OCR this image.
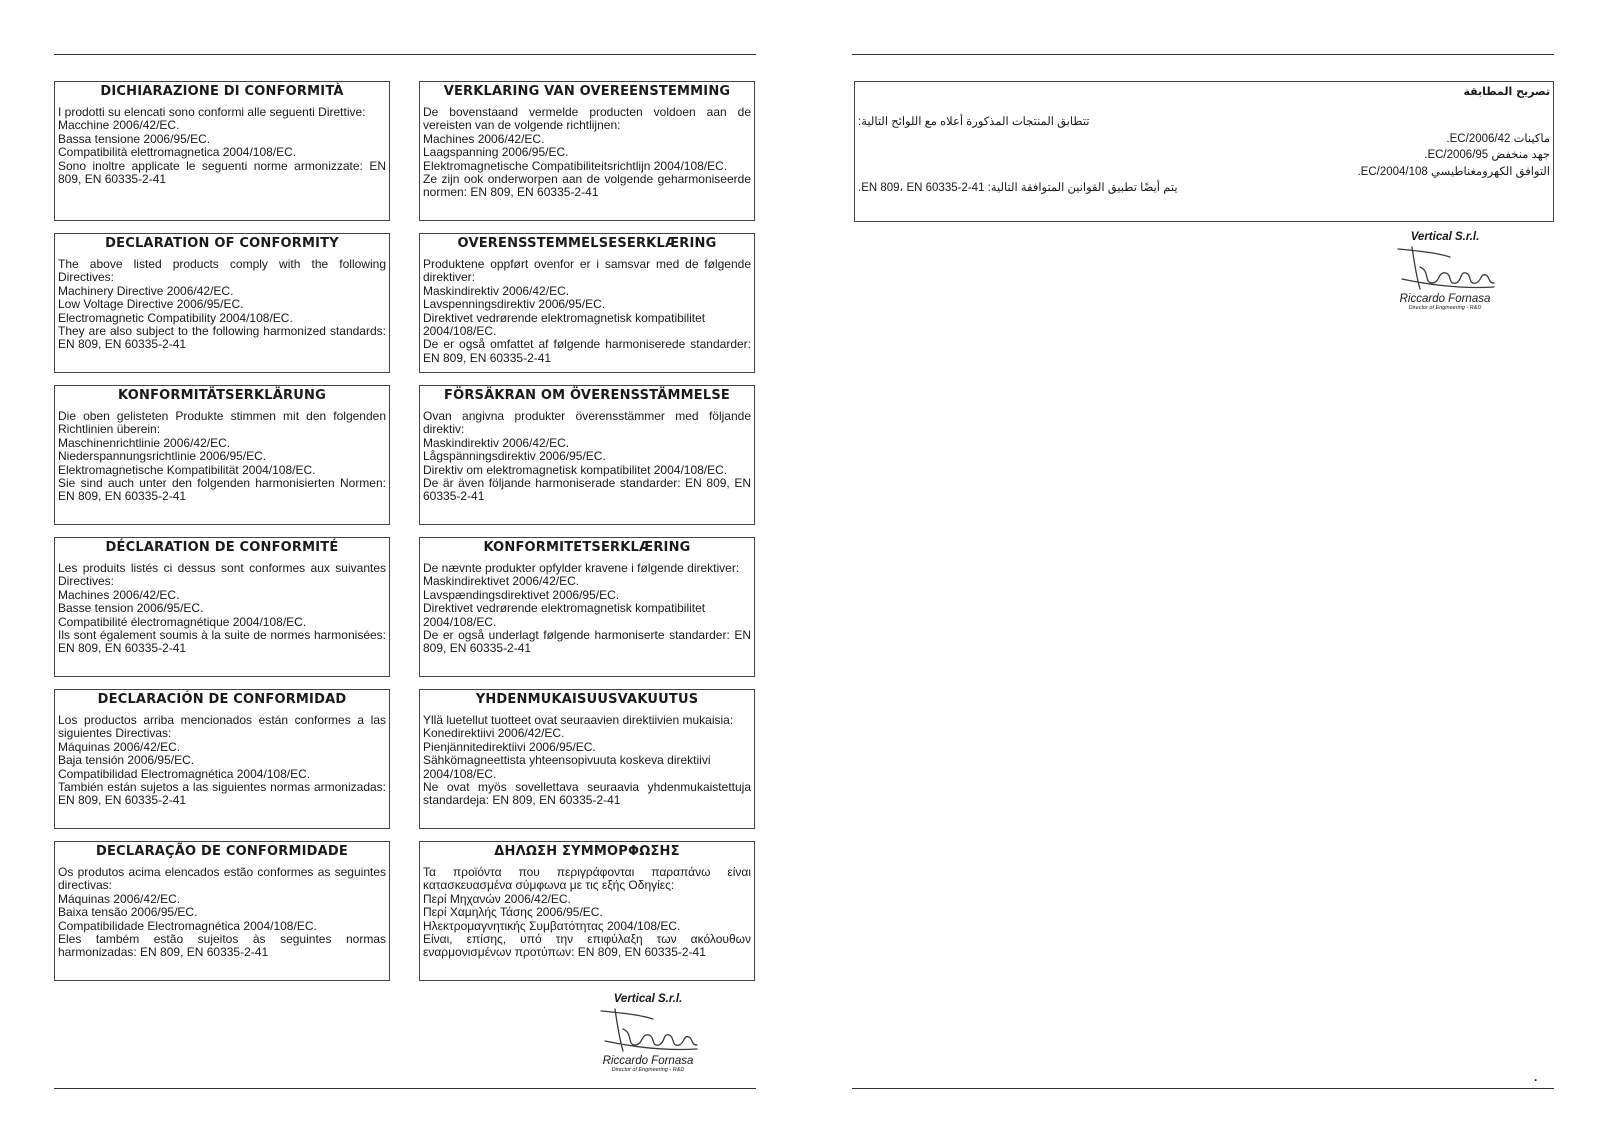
DICHIARAZIONE DI CONFORMITÀ

I prodotti su elencati sono conformi alle seguenti Direttive:

Macchine 2006/42/EC.

Bassa tensione 2006/95/EC.

Compatibilità elettromagnetica 2004/108/EC.

Sono inoltre applicate le seguenti norme armonizzate: EN 809, EN 60335-2-41

VERKLARING VAN OVEREENSTEMMING

De bovenstaand vermelde producten voldoen aan de vereisten van de volgende richtlijnen:

Machines 2006/42/EC.

Laagspanning 2006/95/EC.

Elektromagnetische Compatibiliteitsrichtlijn 2004/108/EC.

Ze zijn ook onderworpen aan de volgende geharmoniseerde normen: EN 809, EN 60335-2-41

DECLARATION OF CONFORMITY

The above listed products comply with the following Directives:

Machinery Directive 2006/42/EC.

Low Voltage Directive 2006/95/EC.

Electromagnetic Compatibility 2004/108/EC.

They are also subject to the following harmonized standards: EN 809, EN 60335-2-41

OVERENSSTEMMELSESERKLÆRING

Produktene oppført ovenfor er i samsvar med de følgende direktiver:

Maskindirektiv 2006/42/EC.

Lavspenningsdirektiv 2006/95/EC.

Direktivet vedrørende elektromagnetisk kompatibilitet 2004/108/EC.

De er også omfattet af følgende harmoniserede standarder: EN 809, EN 60335-2-41

KONFORMITÄTSERKLÄRUNG

Die oben gelisteten Produkte stimmen mit den folgenden Richtlinien überein:

Maschinenrichtlinie 2006/42/EC.

Niederspannungsrichtlinie 2006/95/EC.

Elektromagnetische Kompatibilität 2004/108/EC.

Sie sind auch unter den folgenden harmonisierten Normen: EN 809, EN 60335-2-41

FÖRSÄKRAN OM ÖVERENSSTÄMMELSE

Ovan angivna produkter överensstämmer med följande direktiv:

Maskindirektiv 2006/42/EC.

Lågspänningsdirektiv 2006/95/EC.

Direktiv om elektromagnetisk kompatibilitet 2004/108/EC.

De är även följande harmoniserade standarder: EN 809, EN 60335-2-41

DÉCLARATION DE CONFORMITÉ

Les produits listés ci dessus sont conformes aux suivantes Directives:

Machines 2006/42/EC.

Basse tension 2006/95/EC.

Compatibilité électromagnétique 2004/108/EC.

Ils sont également soumis à la suite de normes harmonisées: EN 809, EN 60335-2-41

KONFORMITETSERKLÆRING

De nævnte produkter opfylder kravene i følgende direktiver:

Maskindirektivet 2006/42/EC.

Lavspændingsdirektivet 2006/95/EC.

Direktivet vedrørende elektromagnetisk kompatibilitet 2004/108/EC.

De er også underlagt følgende harmoniserte standarder: EN 809, EN 60335-2-41

DECLARACIÓN DE CONFORMIDAD

Los productos arriba mencionados están conformes a las siguientes Directivas:

Máquinas 2006/42/EC.

Baja tensión 2006/95/EC.

Compatibilidad Electromagnética 2004/108/EC.

También están sujetos a las siguientes normas armonizadas: EN 809, EN 60335-2-41

YHDENMUKAISUUSVAKUUTUS

Yllä luetellut tuotteet ovat seuraavien direktiivien mukaisia:

Konedirektiivi 2006/42/EC.

Pienjännitedirektiivi 2006/95/EC.

Sähkömagneettista yhteensopivuuta koskeva direktiivi 2004/108/EC.

Ne ovat myös sovellettava seuraavia yhdenmukaistettuja standardeja: EN 809, EN 60335-2-41

DECLARAÇÃO DE CONFORMIDADE

Os produtos acima elencados estão conformes as seguintes directivas:

Máquinas 2006/42/EC.

Baixa tensão 2006/95/EC.

Compatibilidade Electromagnética 2004/108/EC.

Eles também estão sujeitos às seguintes normas harmonizadas: EN 809, EN 60335-2-41

ΔΗΛΩΣΗ ΣΥΜΜΟΡΦΩΣΗΣ

Τα προϊόντα που περιγράφονται παραπάνω είναι κατασκευασμένα σύμφωνα με τις εξής Οδηγίες:

Περί Μηχανών 2006/42/EC.

Περί Χαμηλής Τάσης 2006/95/EC.

Ηλεκτρομαγνητικής Συμβατότητας 2004/108/EC.

Είναι, επίσης, υπό την επιφύλαξη των ακόλουθων εναρμονισμένων προτύπων: EN 809, EN 60335-2-41

تصريح المطابقة

تتطابق المنتجات المذكورة أعلاه مع اللوائح التالية:

ماكينات 2006/42/EC.

جهد منخفض 2006/95/EC.

التوافق الكهرومغناطيسي 2004/108/EC.

يتم أيضًا تطبيق القوانين المتوافقة التالية: EN 809، EN 60335-2-41.

Vertical S.r.l.
Riccardo Fornasa
Director of Engineering - R&D
Vertical S.r.l.
Riccardo Fornasa
Director of Engineering - R&D
.
